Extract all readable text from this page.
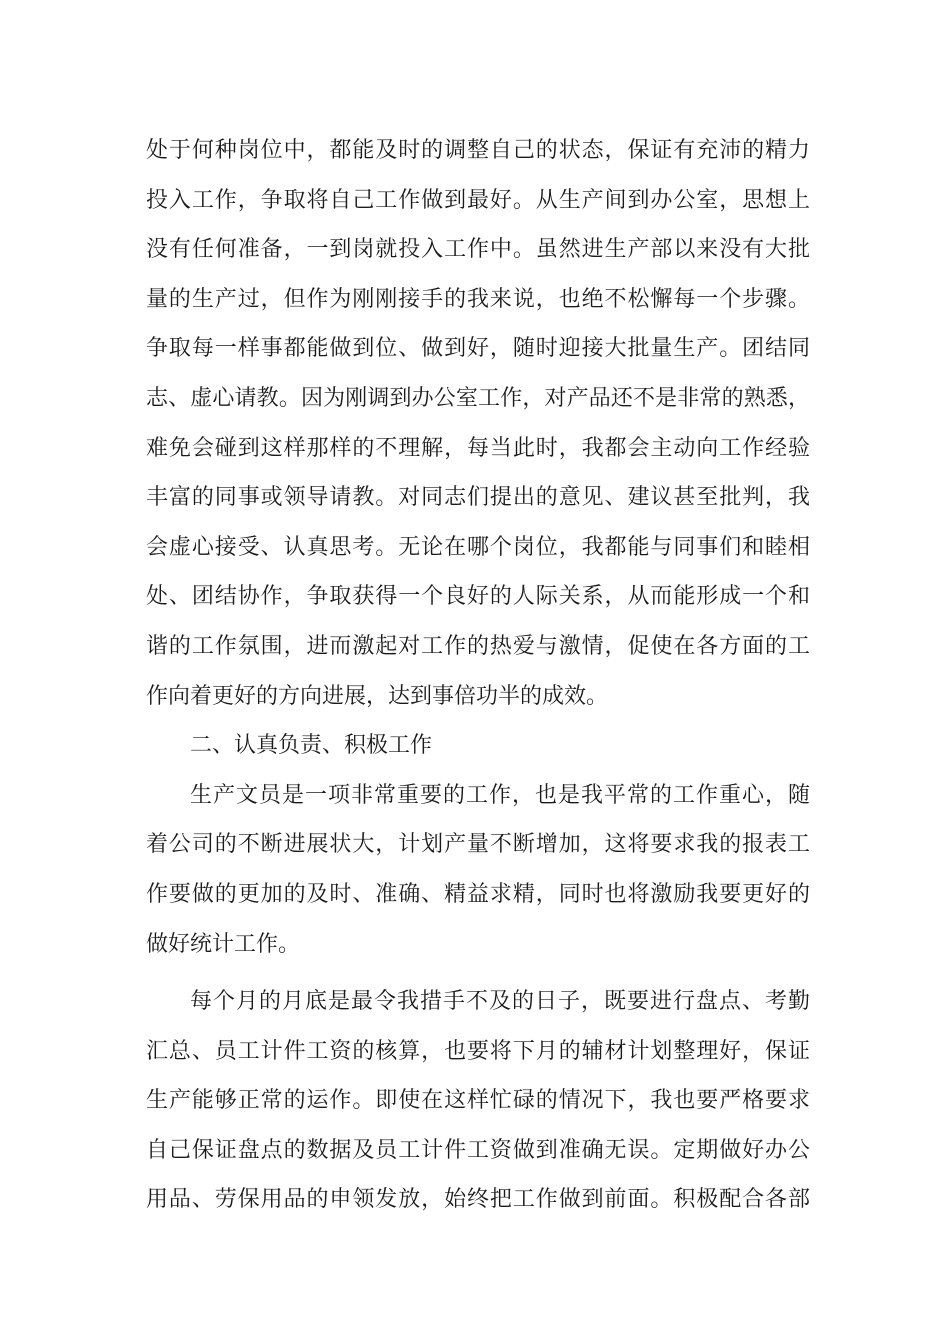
处于何种岗位中，都能及时的调整自己的状态，保证有充沛的精力
投入工作，争取将自己工作做到最好。从生产间到办公室，思想上
没有任何准备，一到岗就投入工作中。虽然进生产部以来没有大批
量的生产过，但作为刚刚接手的我来说，也绝不松懈每一个步骤。
争取每一样事都能做到位、做到好，随时迎接大批量生产。团结同
志、虚心请教。因为刚调到办公室工作，对产品还不是非常的熟悉，
难免会碰到这样那样的不理解，每当此时，我都会主动向工作经验
丰富的同事或领导请教。对同志们提出的意见、建议甚至批判，我
会虚心接受、认真思考。无论在哪个岗位，我都能与同事们和睦相
处、团结协作，争取获得一个良好的人际关系，从而能形成一个和
谐的工作氛围，进而激起对工作的热爱与激情，促使在各方面的工
作向着更好的方向进展，达到事倍功半的成效。
二、认真负责、积极工作
生产文员是一项非常重要的工作，也是我平常的工作重心，随
着公司的不断进展状大，计划产量不断增加，这将要求我的报表工
作要做的更加的及时、准确、精益求精，同时也将激励我要更好的
做好统计工作。
每个月的月底是最令我措手不及的日子，既要进行盘点、考勤
汇总、员工计件工资的核算，也要将下月的辅材计划整理好，保证
生产能够正常的运作。即使在这样忙碌的情况下，我也要严格要求
自己保证盘点的数据及员工计件工资做到准确无误。定期做好办公
用品、劳保用品的申领发放，始终把工作做到前面。积极配合各部
